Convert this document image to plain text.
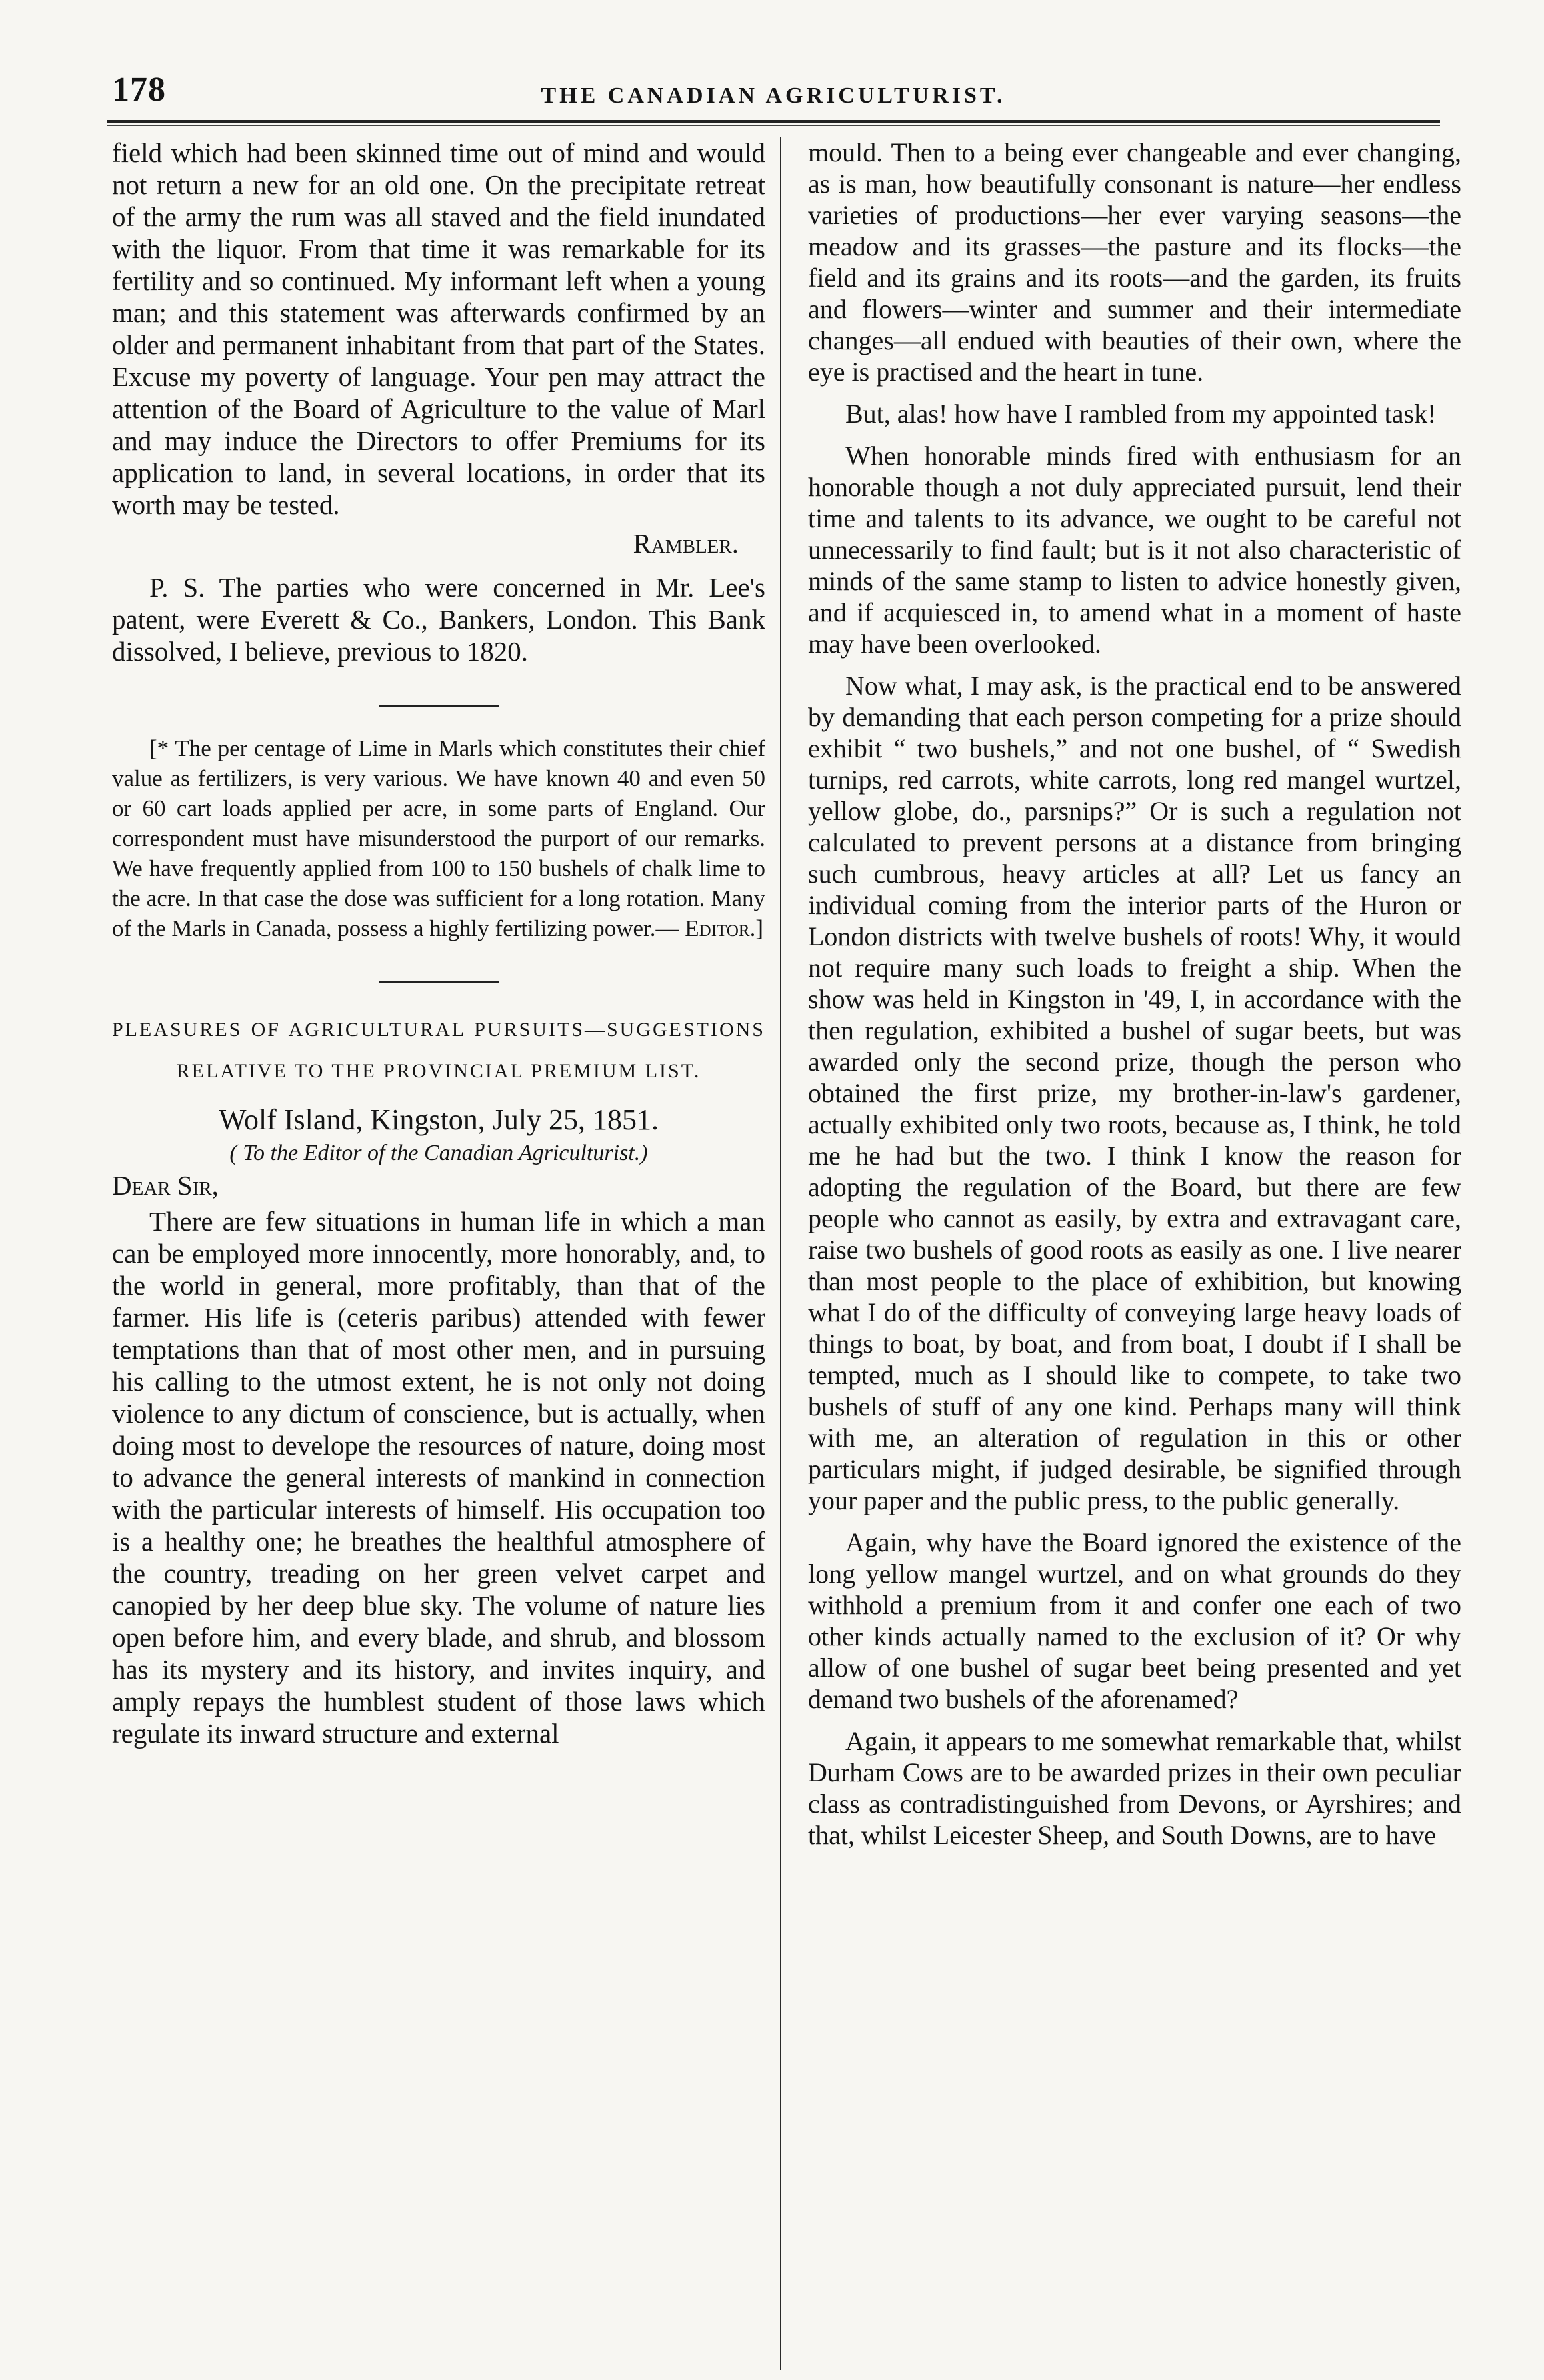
178	THE CANADIAN AGRICULTURIST.

field which had been skinned time out of mind and would not return a new for an old one. On the precipitate retreat of the army the rum was all staved and the field inundated with the liquor. From that time it was remarkable for its fertility and so continued. My informant left when a young man; and this statement was afterwards confirmed by an older and permanent inhabitant from that part of the States. Excuse my poverty of language. Your pen may attract the attention of the Board of Agriculture to the value of Marl and may induce the Directors to offer Premiums for its application to land, in several locations, in order that its worth may be tested.

Rambler.

P. S. The parties who were concerned in Mr. Lee's patent, were Everett & Co., Bankers, London. This Bank dissolved, I believe, previous to 1820.

[* The per centage of Lime in Marls which constitutes their chief value as fertilizers, is very various. We have known 40 and even 50 or 60 cart loads applied per acre, in some parts of England. Our correspondent must have misunderstood the purport of our remarks. We have frequently applied from 100 to 150 bushels of chalk lime to the acre. In that case the dose was sufficient for a long rotation. Many of the Marls in Canada, possess a highly fertilizing power.— Editor.]

PLEASURES OF AGRICULTURAL PURSUITS—SUGGESTIONS RELATIVE TO THE PROVINCIAL PREMIUM LIST.

Wolf Island, Kingston, July 25, 1851.

( To the Editor of the Canadian Agriculturist.)

Dear Sir,

There are few situations in human life in which a man can be employed more innocently, more honorably, and, to the world in general, more profitably, than that of the farmer. His life is (ceteris paribus) attended with fewer temptations than that of most other men, and in pursuing his calling to the utmost extent, he is not only not doing violence to any dictum of conscience, but is actually, when doing most to develope the resources of nature, doing most to advance the general interests of mankind in connection with the particular interests of himself. His occupation too is a healthy one; he breathes the healthful atmosphere of the country, treading on her green velvet carpet and canopied by her deep blue sky. The volume of nature lies open before him, and every blade, and shrub, and blossom has its mystery and its history, and invites inquiry, and amply repays the humblest student of those laws which regulate its inward structure and external

mould. Then to a being ever changeable and ever changing, as is man, how beautifully consonant is nature—her endless varieties of productions—her ever varying seasons—the meadow and its grasses—the pasture and its flocks—the field and its grains and its roots—and the garden, its fruits and flowers—winter and summer and their intermediate changes—all endued with beauties of their own, where the eye is practised and the heart in tune.

But, alas! how have I rambled from my appointed task!

When honorable minds fired with enthusiasm for an honorable though a not duly appreciated pursuit, lend their time and talents to its advance, we ought to be careful not unnecessarily to find fault; but is it not also characteristic of minds of the same stamp to listen to advice honestly given, and if acquiesced in, to amend what in a moment of haste may have been overlooked.

Now what, I may ask, is the practical end to be answered by demanding that each person competing for a prize should exhibit “ two bushels,” and not one bushel, of “ Swedish turnips, red carrots, white carrots, long red mangel wurtzel, yellow globe, do., parsnips?” Or is such a regulation not calculated to prevent persons at a distance from bringing such cumbrous, heavy articles at all? Let us fancy an individual coming from the interior parts of the Huron or London districts with twelve bushels of roots! Why, it would not require many such loads to freight a ship. When the show was held in Kingston in '49, I, in accordance with the then regulation, exhibited a bushel of sugar beets, but was awarded only the second prize, though the person who obtained the first prize, my brother-in-law's gardener, actually exhibited only two roots, because as, I think, he told me he had but the two. I think I know the reason for adopting the regulation of the Board, but there are few people who cannot as easily, by extra and extravagant care, raise two bushels of good roots as easily as one. I live nearer than most people to the place of exhibition, but knowing what I do of the difficulty of conveying large heavy loads of things to boat, by boat, and from boat, I doubt if I shall be tempted, much as I should like to compete, to take two bushels of stuff of any one kind. Perhaps many will think with me, an alteration of regulation in this or other particulars might, if judged desirable, be signified through your paper and the public press, to the public generally.

Again, why have the Board ignored the existence of the long yellow mangel wurtzel, and on what grounds do they withhold a premium from it and confer one each of two other kinds actually named to the exclusion of it? Or why allow of one bushel of sugar beet being presented and yet demand two bushels of the aforenamed?

Again, it appears to me somewhat remarkable that, whilst Durham Cows are to be awarded prizes in their own peculiar class as contradistinguished from Devons, or Ayrshires; and that, whilst Leicester Sheep, and South Downs, are to have
